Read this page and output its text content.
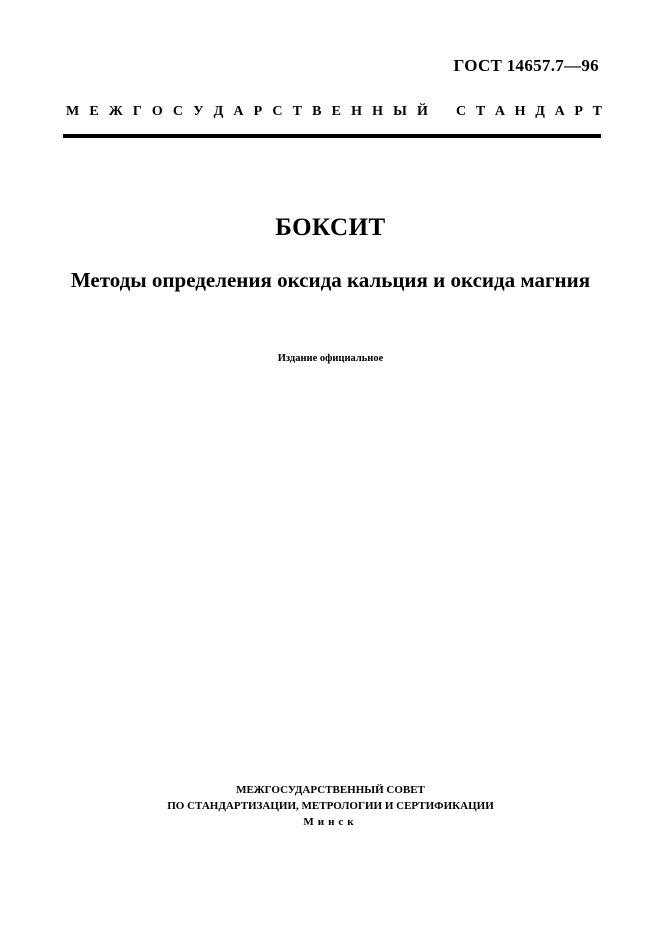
ГОСТ 14657.7—96
М Е Ж Г О С У Д А Р С Т В Е Н Н Ы Й С Т А Н Д А Р Т
БОКСИТ
Методы определения оксида кальция и оксида магния
Издание официальное
МЕЖГОСУДАРСТВЕННЫЙ СОВЕТ
ПО СТАНДАРТИЗАЦИИ, МЕТРОЛОГИИ И СЕРТИФИКАЦИИ
Минск
